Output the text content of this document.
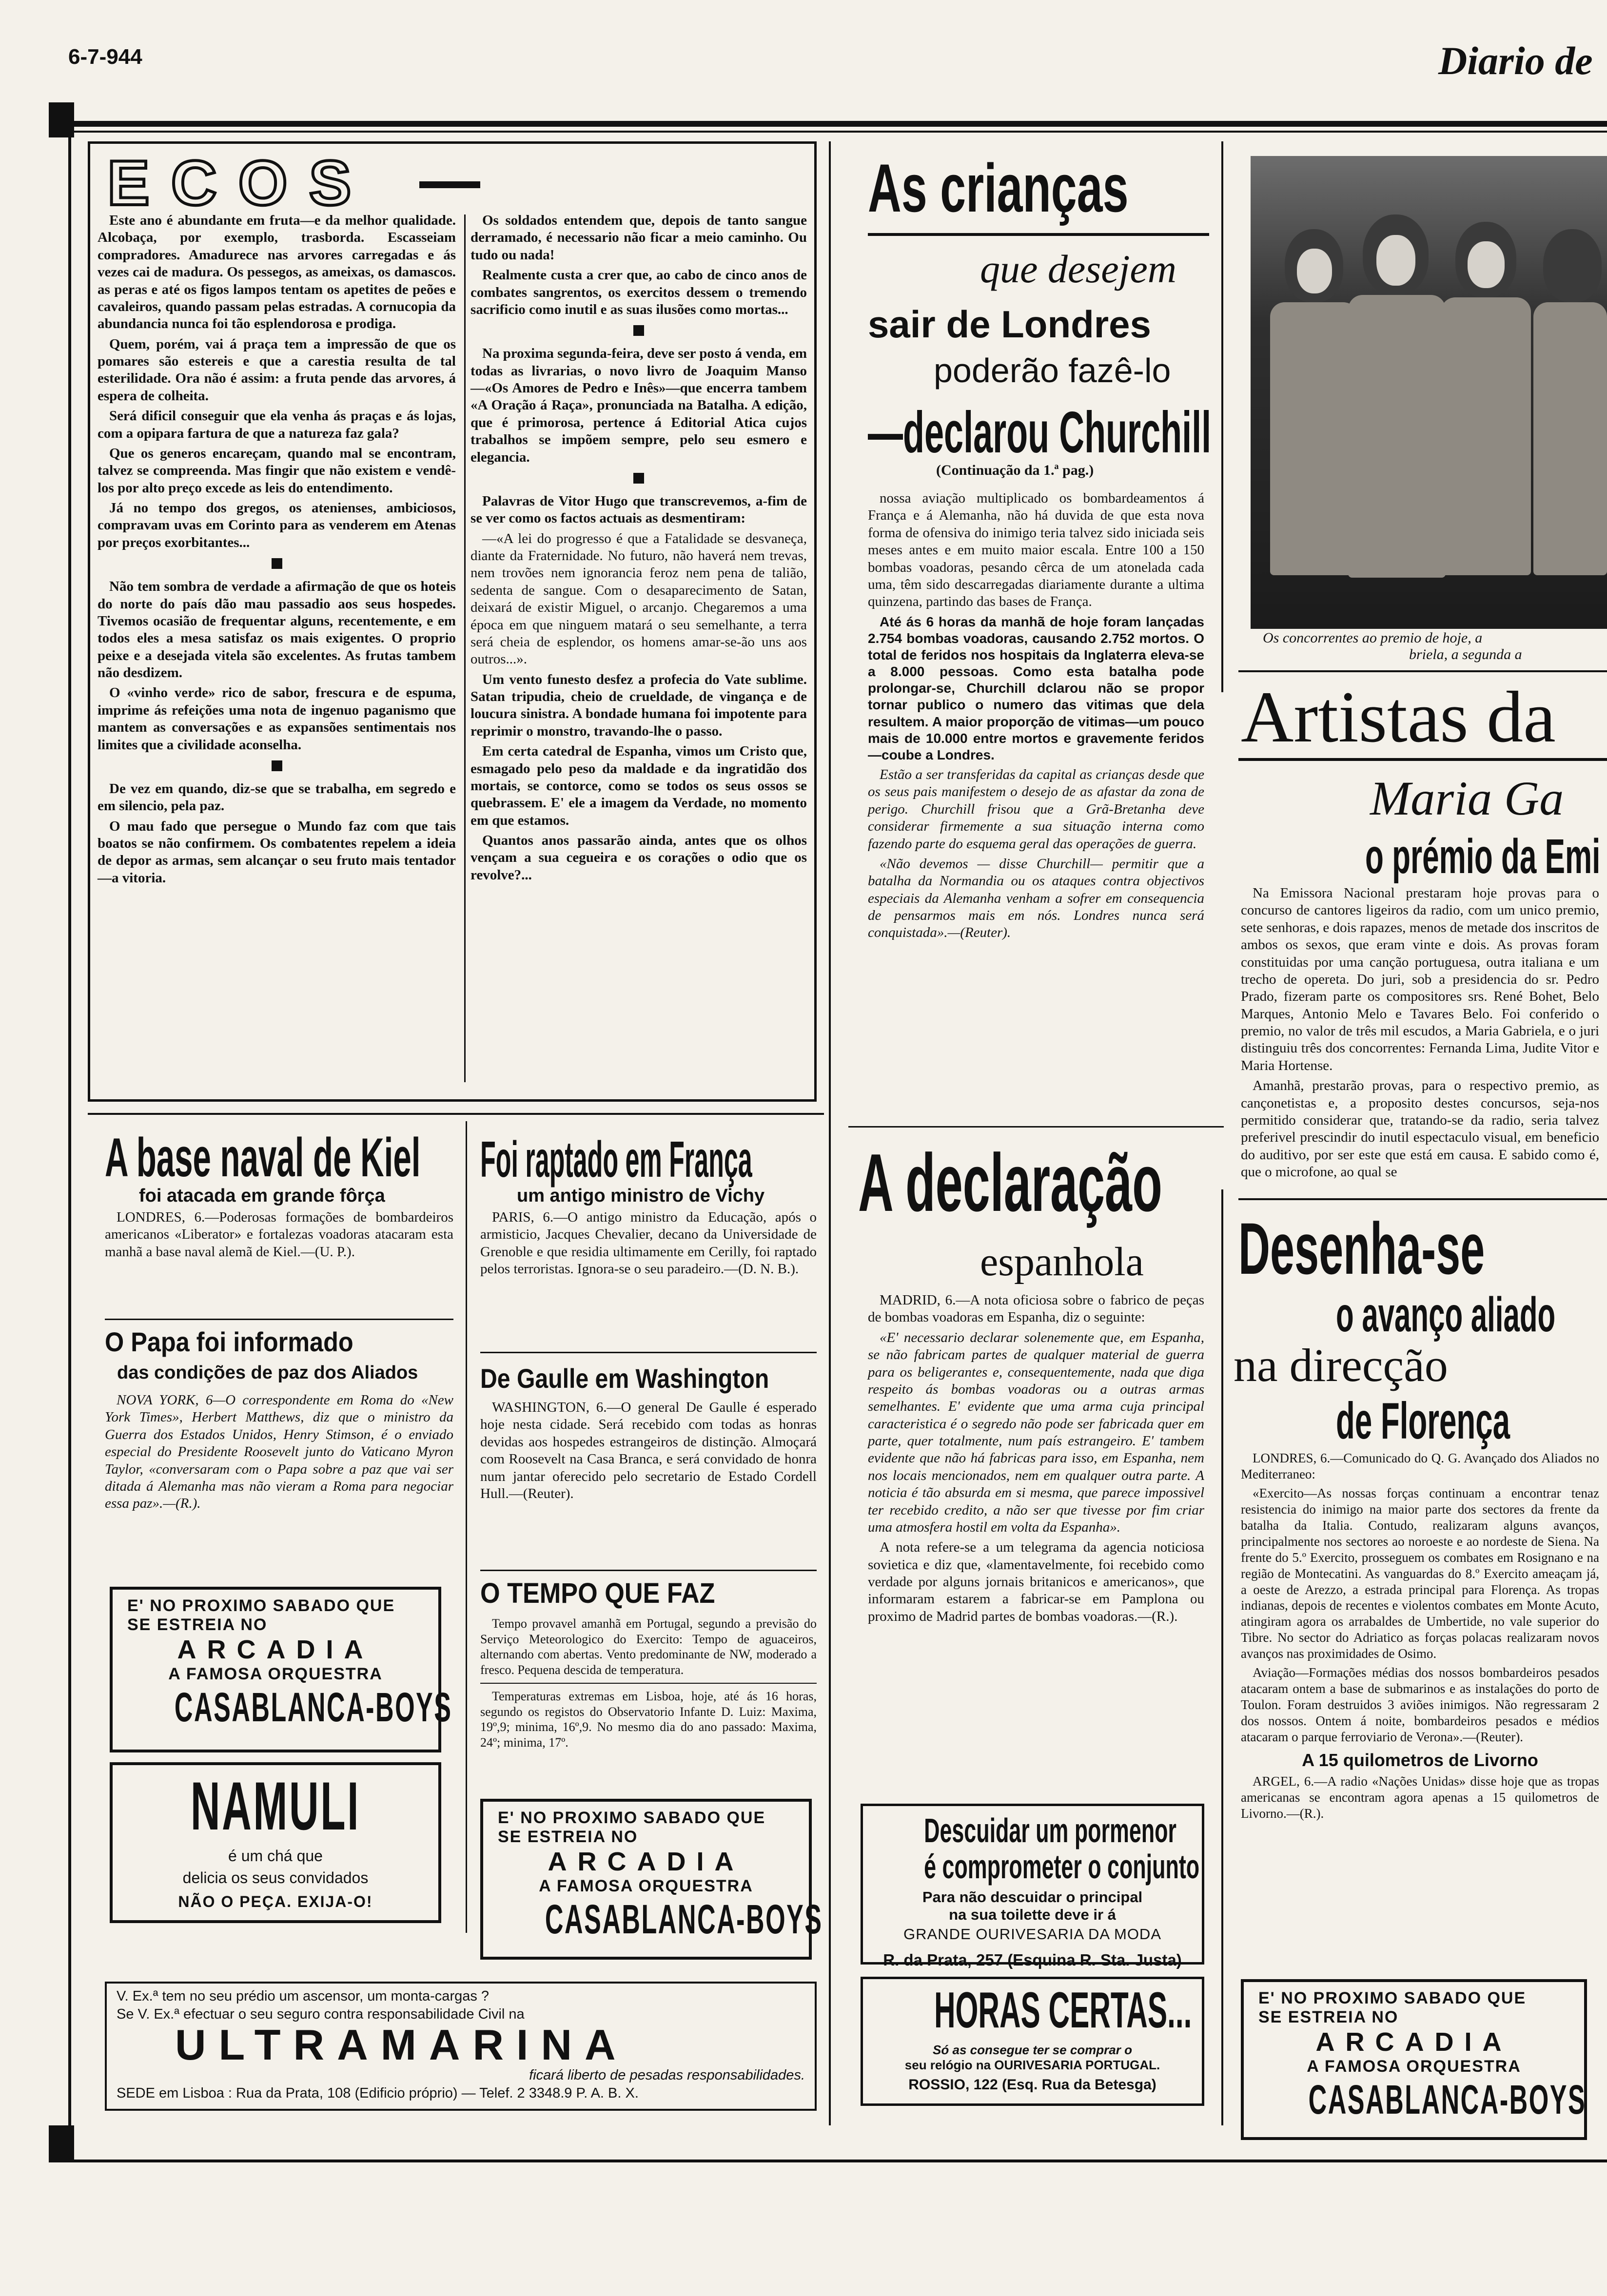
6-7-944	Diario de
ECOS

Este ano é abundante em fruta—e da melhor qualidade. Alcobaça, por exemplo, trasborda. Escasseiam compradores. Amadurece nas arvores carregadas e ás vezes cai de madura. Os pessegos, as ameixas, os damascos. as peras e até os figos lampos tentam os apetites de peões e cavaleiros, quando passam pelas estradas. A cornucopia da abundancia nunca foi tão esplendorosa e prodiga.

Quem, porém, vai á praça tem a impressão de que os pomares são estereis e que a carestia resulta de tal esterilidade. Ora não é assim: a fruta pende das arvores, á espera de colheita.

Será dificil conseguir que ela venha ás praças e ás lojas, com a opipara fartura de que a natureza faz gala?

Que os generos encareçam, quando mal se encontram, talvez se compreenda. Mas fingir que não existem e vendê-los por alto preço excede as leis do entendimento.

Já no tempo dos gregos, os atenienses, ambiciosos, compravam uvas em Corinto para as venderem em Atenas por preços exorbitantes...

Não tem sombra de verdade a afirmação de que os hoteis do norte do país dão mau passadio aos seus hospedes. Tivemos ocasião de frequentar alguns, recentemente, e em todos eles a mesa satisfaz os mais exigentes. O proprio peixe e a desejada vitela são excelentes. As frutas tambem não desdizem.

O «vinho verde» rico de sabor, frescura e de espuma, imprime ás refeições uma nota de ingenuo paganismo que mantem as conversações e as expansões sentimentais nos limites que a civilidade aconselha.

De vez em quando, diz-se que se trabalha, em segredo e em silencio, pela paz.

O mau fado que persegue o Mundo faz com que tais boatos se não confirmem. Os combatentes repelem a ideia de depor as armas, sem alcançar o seu fruto mais tentador—a vitoria.

Os soldados entendem que, depois de tanto sangue derramado, é necessario não ficar a meio caminho. Ou tudo ou nada!

Realmente custa a crer que, ao cabo de cinco anos de combates sangrentos, os exercitos dessem o tremendo sacrificio como inutil e as suas ilusões como mortas...

Na proxima segunda-feira, deve ser posto á venda, em todas as livrarias, o novo livro de Joaquim Manso—«Os Amores de Pedro e Inês»—que encerra tambem «A Oração á Raça», pronunciada na Batalha. A edição, que é primorosa, pertence á Editorial Atica cujos trabalhos se impõem sempre, pelo seu esmero e elegancia.

Palavras de Vitor Hugo que transcrevemos, a-fim de se ver como os factos actuais as desmentiram:

—«A lei do progresso é que a Fatalidade se desvaneça, diante da Fraternidade. No futuro, não haverá nem trevas, nem trovões nem ignorancia feroz nem pena de talião, sedenta de sangue. Com o desaparecimento de Satan, deixará de existir Miguel, o arcanjo. Chegaremos a uma época em que ninguem matará o seu semelhante, a terra será cheia de esplendor, os homens amar-se-ão uns aos outros...».

Um vento funesto desfez a profecia do Vate sublime. Satan tripudia, cheio de crueldade, de vingança e de loucura sinistra. A bondade humana foi impotente para reprimir o monstro, travando-lhe o passo.

Em certa catedral de Espanha, vimos um Cristo que, esmagado pelo peso da maldade e da ingratidão dos mortais, se contorce, como se todos os seus ossos se quebrassem. E' ele a imagem da Verdade, no momento em que estamos.

Quantos anos passarão ainda, antes que os olhos vençam a sua cegueira e os corações o odio que os revolve?...

As crianças
que desejem
sair de Londres
poderão fazê-lo
—declarou Churchill
(Continuação da 1.ª pag.)

nossa aviação multiplicado os bombardeamentos á França e á Alemanha, não há duvida de que esta nova forma de ofensiva do inimigo teria talvez sido iniciada seis meses antes e em muito maior escala. Entre 100 a 150 bombas voadoras, pesando cêrca de um atonelada cada uma, têm sido descarregadas diariamente durante a ultima quinzena, partindo das bases de França.

Até ás 6 horas da manhã de hoje foram lançadas 2.754 bombas voadoras, causando 2.752 mortos. O total de feridos nos hospitais da Inglaterra eleva-se a 8.000 pessoas. Como esta batalha pode prolongar-se, Churchill dclarou não se propor tornar publico o numero das vitimas que dela resultem. A maior proporção de vitimas—um pouco mais de 10.000 entre mortos e gravemente feridos—coube a Londres.

Estão a ser transferidas da capital as crianças desde que os seus pais manifestem o desejo de as afastar da zona de perigo. Churchill frisou que a Grã-Bretanha deve considerar firmemente a sua situação interna como fazendo parte do esquema geral das operações de guerra.

«Não devemos — disse Churchill— permitir que a batalha da Normandia ou os ataques contra objectivos especiais da Alemanha venham a sofrer em consequencia de pensarmos mais em nós. Londres nunca será conquistada».—(Reuter).

Os concorrentes ao premio de hoje, a
briela, a segunda a
Artistas da
Maria Ga
o prémio da Emi

Na Emissora Nacional prestaram hoje provas para o concurso de cantores ligeiros da radio, com um unico premio, sete senhoras, e dois rapazes, menos de metade dos inscritos de ambos os sexos, que eram vinte e dois. As provas foram constituidas por uma canção portuguesa, outra italiana e um trecho de opereta. Do juri, sob a presidencia do sr. Pedro Prado, fizeram parte os compositores srs. René Bohet, Belo Marques, Antonio Melo e Tavares Belo. Foi conferido o premio, no valor de três mil escudos, a Maria Gabriela, e o juri distinguiu três dos concorrentes: Fernanda Lima, Judite Vitor e Maria Hortense.

Amanhã, prestarão provas, para o respectivo premio, as cançonetistas e, a proposito destes concursos, seja-nos permitido considerar que, tratando-se da radio, seria talvez preferivel prescindir do inutil espectaculo visual, em beneficio do auditivo, por ser este que está em causa. E sabido como é, que o microfone, ao qual se

A base naval de Kiel
foi atacada em grande fôrça

LONDRES, 6.—Poderosas formações de bombardeiros americanos «Liberator» e fortalezas voadoras atacaram esta manhã a base naval alemã de Kiel.—(U. P.).

O Papa foi informado
das condições de paz dos Aliados

NOVA YORK, 6—O correspondente em Roma do «New York Times», Herbert Matthews, diz que o ministro da Guerra dos Estados Unidos, Henry Stimson, é o enviado especial do Presidente Roosevelt junto do Vaticano Myron Taylor, «conversaram com o Papa sobre a paz que vai ser ditada á Alemanha mas não vieram a Roma para negociar essa paz».—(R.).

Foi raptado em França
um antigo ministro de Vichy

PARIS, 6.—O antigo ministro da Educação, após o armisticio, Jacques Chevalier, decano da Universidade de Grenoble e que residia ultimamente em Cerilly, foi raptado pelos terroristas. Ignora-se o seu paradeiro.—(D. N. B.).

De Gaulle em Washington

WASHINGTON, 6.—O general De Gaulle é esperado hoje nesta cidade. Será recebido com todas as honras devidas aos hospedes estrangeiros de distinção. Almoçará com Roosevelt na Casa Branca, e será convidado de honra num jantar oferecido pelo secretario de Estado Cordell Hull.—(Reuter).

O TEMPO QUE FAZ

Tempo provavel amanhã em Portugal, segundo a previsão do Serviço Meteorologico do Exercito: Tempo de aguaceiros, alternando com abertas. Vento predominante de NW, moderado a fresco. Pequena descida de temperatura.

Temperaturas extremas em Lisboa, hoje, até ás 16 horas, segundo os registos do Observatorio Infante D. Luiz: Maxima, 19º,9; minima, 16º,9. No mesmo dia do ano passado: Maxima, 24º; minima, 17º.

E' NO PROXIMO SABADO QUE
SE ESTREIA NO
ARCADIA
A FAMOSA ORQUESTRA
CASABLANCA-BOYS
NAMULI
é um chá que
delicia os seus convidados
NÃO O PEÇA. EXIJA-O!
E' NO PROXIMO SABADO QUE
SE ESTREIA NO
ARCADIA
A FAMOSA ORQUESTRA
CASABLANCA-BOYS
V. Ex.ª tem no seu prédio um ascensor, um monta-cargas ?
Se V. Ex.ª efectuar o seu seguro contra responsabilidade Civil na
ULTRAMARINA
ficará liberto de pesadas responsabilidades.
SEDE em Lisboa : Rua da Prata, 108 (Edificio próprio) — Telef. 2 3348.9 P. A. B. X.
A declaração
espanhola

MADRID, 6.—A nota oficiosa sobre o fabrico de peças de bombas voadoras em Espanha, diz o seguinte:

«E' necessario declarar solenemente que, em Espanha, se não fabricam partes de qualquer material de guerra para os beligerantes e, consequentemente, nada que diga respeito ás bombas voadoras ou a outras armas semelhantes. E' evidente que uma arma cuja principal caracteristica é o segredo não pode ser fabricada quer em parte, quer totalmente, num país estrangeiro. E' tambem evidente que não há fabricas para isso, em Espanha, nem nos locais mencionados, nem em qualquer outra parte. A noticia é tão absurda em si mesma, que parece impossivel ter recebido credito, a não ser que tivesse por fim criar uma atmosfera hostil em volta da Espanha».

A nota refere-se a um telegrama da agencia noticiosa sovietica e diz que, «lamentavelmente, foi recebido como verdade por alguns jornais britanicos e americanos», que informaram estarem a fabricar-se em Pamplona ou proximo de Madrid partes de bombas voadoras.—(R.).

Descuidar um pormenor
é comprometer o conjunto
Para não descuidar o principal
na sua toilette deve ir á
GRANDE OURIVESARIA DA MODA
R. da Prata, 257 (Esquina R. Sta. Justa)
HORAS CERTAS...
Só as consegue ter se comprar o
seu relógio na OURIVESARIA PORTUGAL.
ROSSIO, 122 (Esq. Rua da Betesga)
Desenha-se
o avanço aliado
na direcção
de Florença

LONDRES, 6.—Comunicado do Q. G. Avançado dos Aliados no Mediterraneo:

«Exercito—As nossas forças continuam a encontrar tenaz resistencia do inimigo na maior parte dos sectores da frente da batalha da Italia. Contudo, realizaram alguns avanços, principalmente nos sectores ao noroeste e ao nordeste de Siena. Na frente do 5.º Exercito, prosseguem os combates em Rosignano e na região de Montecatini. As vanguardas do 8.º Exercito ameaçam já, a oeste de Arezzo, a estrada principal para Florença. As tropas indianas, depois de recentes e violentos combates em Monte Acuto, atingiram agora os arrabaldes de Umbertide, no vale superior do Tibre. No sector do Adriatico as forças polacas realizaram novos avanços nas proximidades de Osimo.

Aviação—Formações médias dos nossos bombardeiros pesados atacaram ontem a base de submarinos e as instalações do porto de Toulon. Foram destruidos 3 aviões inimigos. Não regressaram 2 dos nossos. Ontem á noite, bombardeiros pesados e médios atacaram o parque ferroviario de Verona».—(Reuter).

A 15 quilometros de Livorno

ARGEL, 6.—A radio «Nações Unidas» disse hoje que as tropas americanas se encontram agora apenas a 15 quilometros de Livorno.—(R.).

E' NO PROXIMO SABADO QUE
SE ESTREIA NO
ARCADIA
A FAMOSA ORQUESTRA
CASABLANCA-BOYS
